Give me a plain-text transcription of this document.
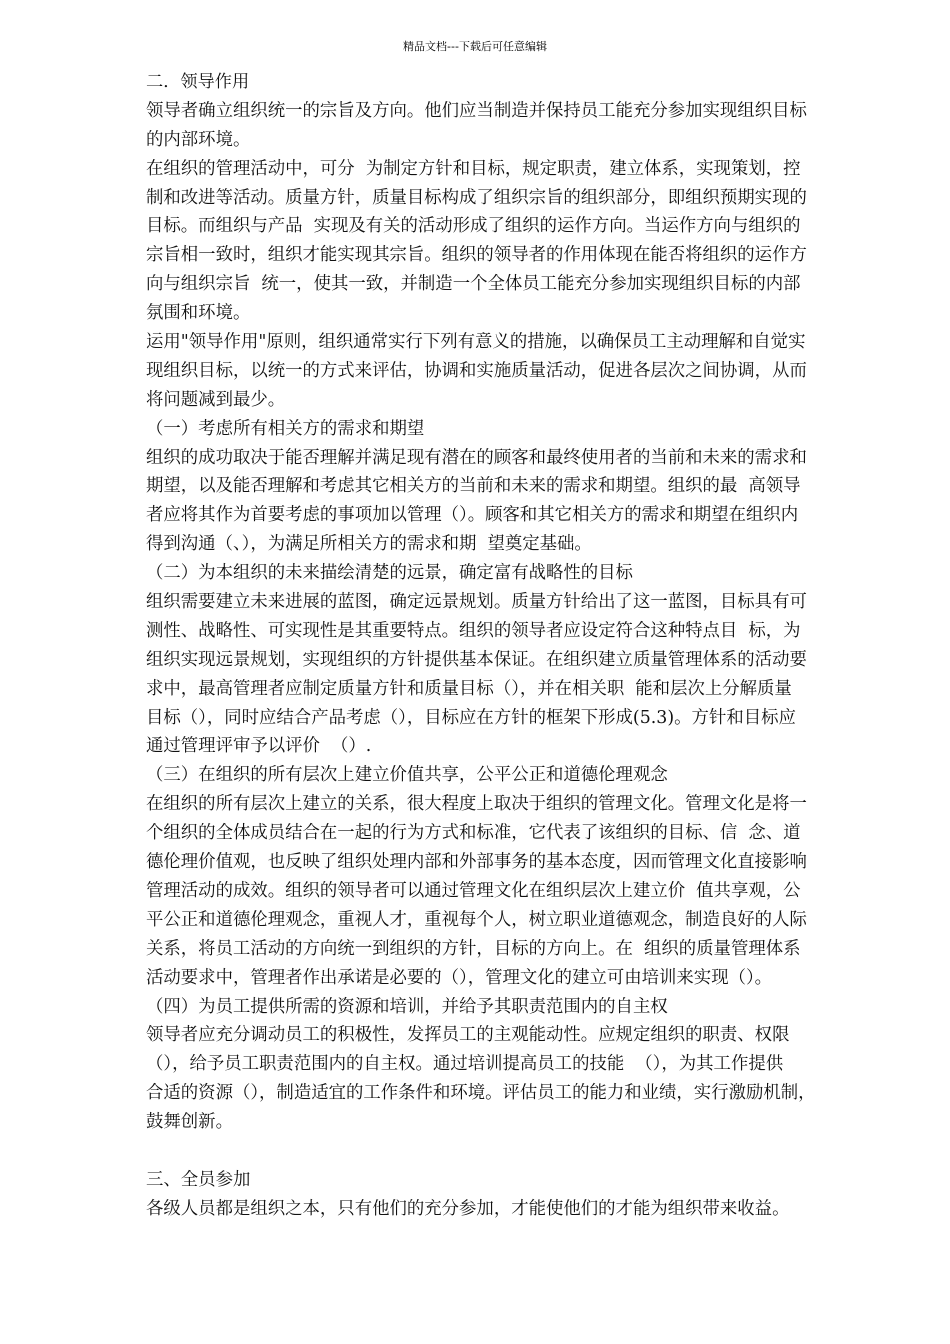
精品文档---下载后可任意编辑
二．领导作用
领导者确立组织统一的宗旨及方向。他们应当制造并保持员工能充分参加实现组织目标
的内部环境。
在组织的管理活动中，可分  为制定方针和目标，规定职责，建立体系，实现策划，控
制和改进等活动。质量方针，质量目标构成了组织宗旨的组织部分，即组织预期实现的
目标。而组织与产品  实现及有关的活动形成了组织的运作方向。当运作方向与组织的
宗旨相一致时，组织才能实现其宗旨。组织的领导者的作用体现在能否将组织的运作方
向与组织宗旨  统一，使其一致，并制造一个全体员工能充分参加实现组织目标的内部
氛围和环境。
运用"领导作用"原则，组织通常实行下列有意义的措施，以确保员工主动理解和自觉实
现组织目标，以统一的方式来评估，协调和实施质量活动，促进各层次之间协调，从而
将问题减到最少。
（一）考虑所有相关方的需求和期望
组织的成功取决于能否理解并满足现有潜在的顾客和最终使用者的当前和未来的需求和
期望，以及能否理解和考虑其它相关方的当前和未来的需求和期望。组织的最  高领导
者应将其作为首要考虑的事项加以管理（）。顾客和其它相关方的需求和期望在组织内
得到沟通（、），为满足所相关方的需求和期  望奠定基础。
（二）为本组织的未来描绘清楚的远景，确定富有战略性的目标
组织需要建立未来进展的蓝图，确定远景规划。质量方针给出了这一蓝图，目标具有可
测性、战略性、可实现性是其重要特点。组织的领导者应设定符合这种特点目  标，为
组织实现远景规划，实现组织的方针提供基本保证。在组织建立质量管理体系的活动要
求中，最高管理者应制定质量方针和质量目标（），并在相关职  能和层次上分解质量
目标（），同时应结合产品考虑（），目标应在方针的框架下形成(5.3)。方针和目标应
通过管理评审予以评价  （）.
（三）在组织的所有层次上建立价值共享，公平公正和道德伦理观念
在组织的所有层次上建立的关系，很大程度上取决于组织的管理文化。管理文化是将一
个组织的全体成员结合在一起的行为方式和标准，它代表了该组织的目标、信  念、道
德伦理价值观，也反映了组织处理内部和外部事务的基本态度，因而管理文化直接影响
管理活动的成效。组织的领导者可以通过管理文化在组织层次上建立价  值共享观，公
平公正和道德伦理观念，重视人才，重视每个人，树立职业道德观念，制造良好的人际
关系，将员工活动的方向统一到组织的方针，目标的方向上。在  组织的质量管理体系
活动要求中，管理者作出承诺是必要的（），管理文化的建立可由培训来实现（）。
（四）为员工提供所需的资源和培训，并给予其职责范围内的自主权
领导者应充分调动员工的积极性，发挥员工的主观能动性。应规定组织的职责、权限
（），给予员工职责范围内的自主权。通过培训提高员工的技能  （），为其工作提供
合适的资源（），制造适宜的工作条件和环境。评估员工的能力和业绩，实行激励机制，
鼓舞创新。
三、全员参加
各级人员都是组织之本，只有他们的充分参加，才能使他们的才能为组织带来收益。
